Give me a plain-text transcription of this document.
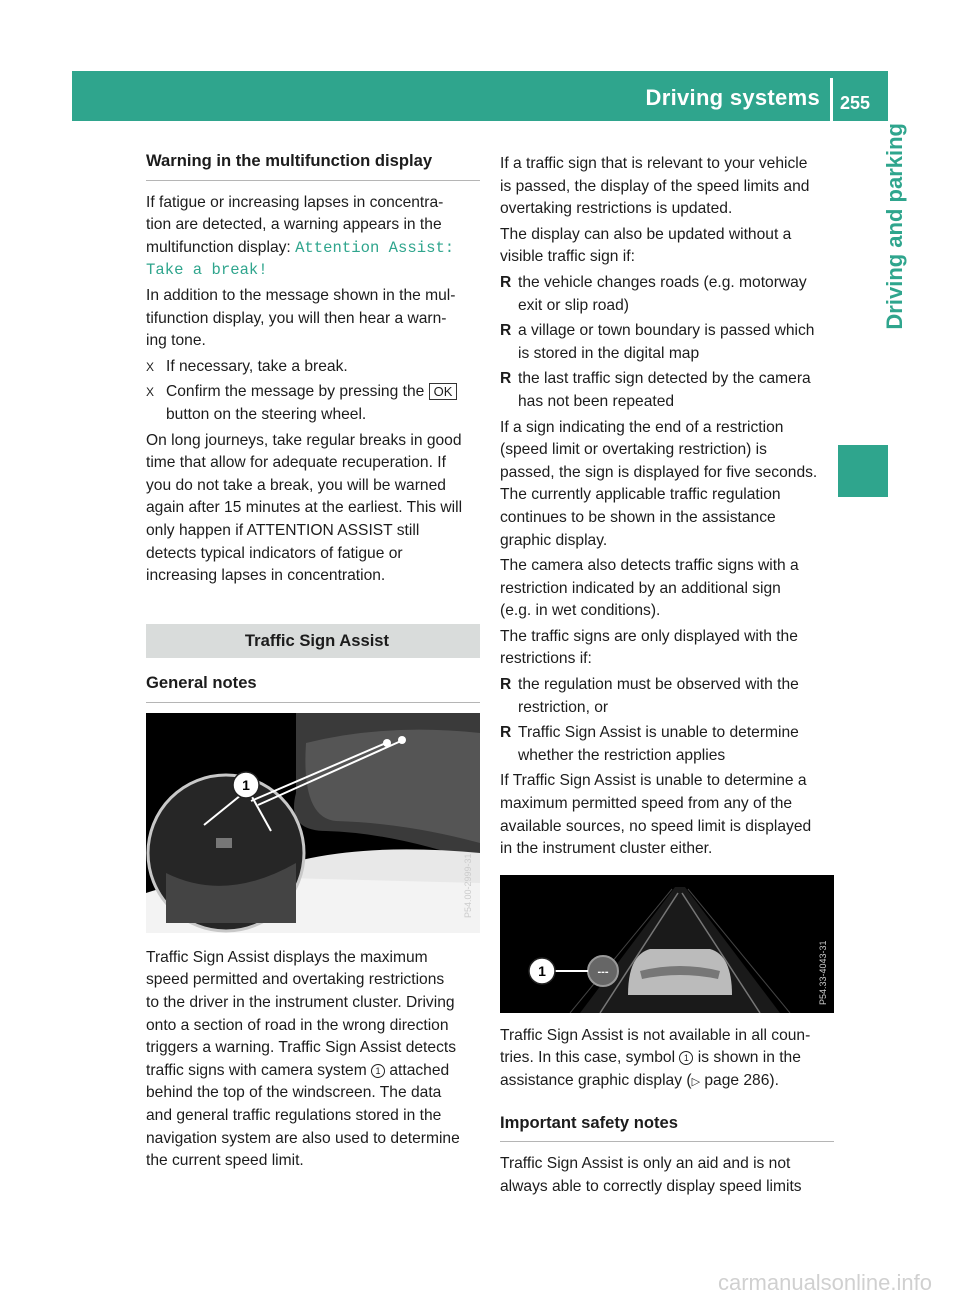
Driving systems 255
Driving and parking
Warning in the multifunction display

If fatigue or increasing lapses in concentra-
tion are detected, a warning appears in the
multifunction display: Attention Assist:
Take a break!

In addition to the message shown in the mul-
tifunction display, you will then hear a warn-
ing tone.

X If necessary, take a break.

X Confirm the message by pressing the OK
button on the steering wheel.

On long journeys, take regular breaks in good
time that allow for adequate recuperation. If
you do not take a break, you will be warned
again after 15 minutes at the earliest. This will
only happen if ATTENTION ASSIST still
detects typical indicators of fatigue or
increasing lapses in concentration.

Traffic Sign Assist
General notes
1
P54.00-2999-31

Traffic Sign Assist displays the maximum
speed permitted and overtaking restrictions
to the driver in the instrument cluster. Driving
onto a section of road in the wrong direction
triggers a warning. Traffic Sign Assist detects
traffic signs with camera system 1 attached
behind the top of the windscreen. The data
and general traffic regulations stored in the
navigation system are also used to determine
the current speed limit.

If a traffic sign that is relevant to your vehicle
is passed, the display of the speed limits and
overtaking restrictions is updated.

The display can also be updated without a
visible traffic sign if:

R the vehicle changes roads (e.g. motorway
exit or slip road)

R a village or town boundary is passed which
is stored in the digital map

R the last traffic sign detected by the camera
has not been repeated

If a sign indicating the end of a restriction
(speed limit or overtaking restriction) is
passed, the sign is displayed for five seconds.
The currently applicable traffic regulation
continues to be shown in the assistance
graphic display.

The camera also detects traffic signs with a
restriction indicated by an additional sign
(e.g. in wet conditions).

The traffic signs are only displayed with the
restrictions if:

R the regulation must be observed with the
restriction, or

R Traffic Sign Assist is unable to determine
whether the restriction applies

If Traffic Sign Assist is unable to determine a
maximum permitted speed from any of the
available sources, no speed limit is displayed
in the instrument cluster either.

---
1	P54.33-4043-31

Traffic Sign Assist is not available in all coun-
tries. In this case, symbol 1 is shown in the
assistance graphic display (▷ page 286).

Important safety notes

Traffic Sign Assist is only an aid and is not
always able to correctly display speed limits

carmanualsonline.info
